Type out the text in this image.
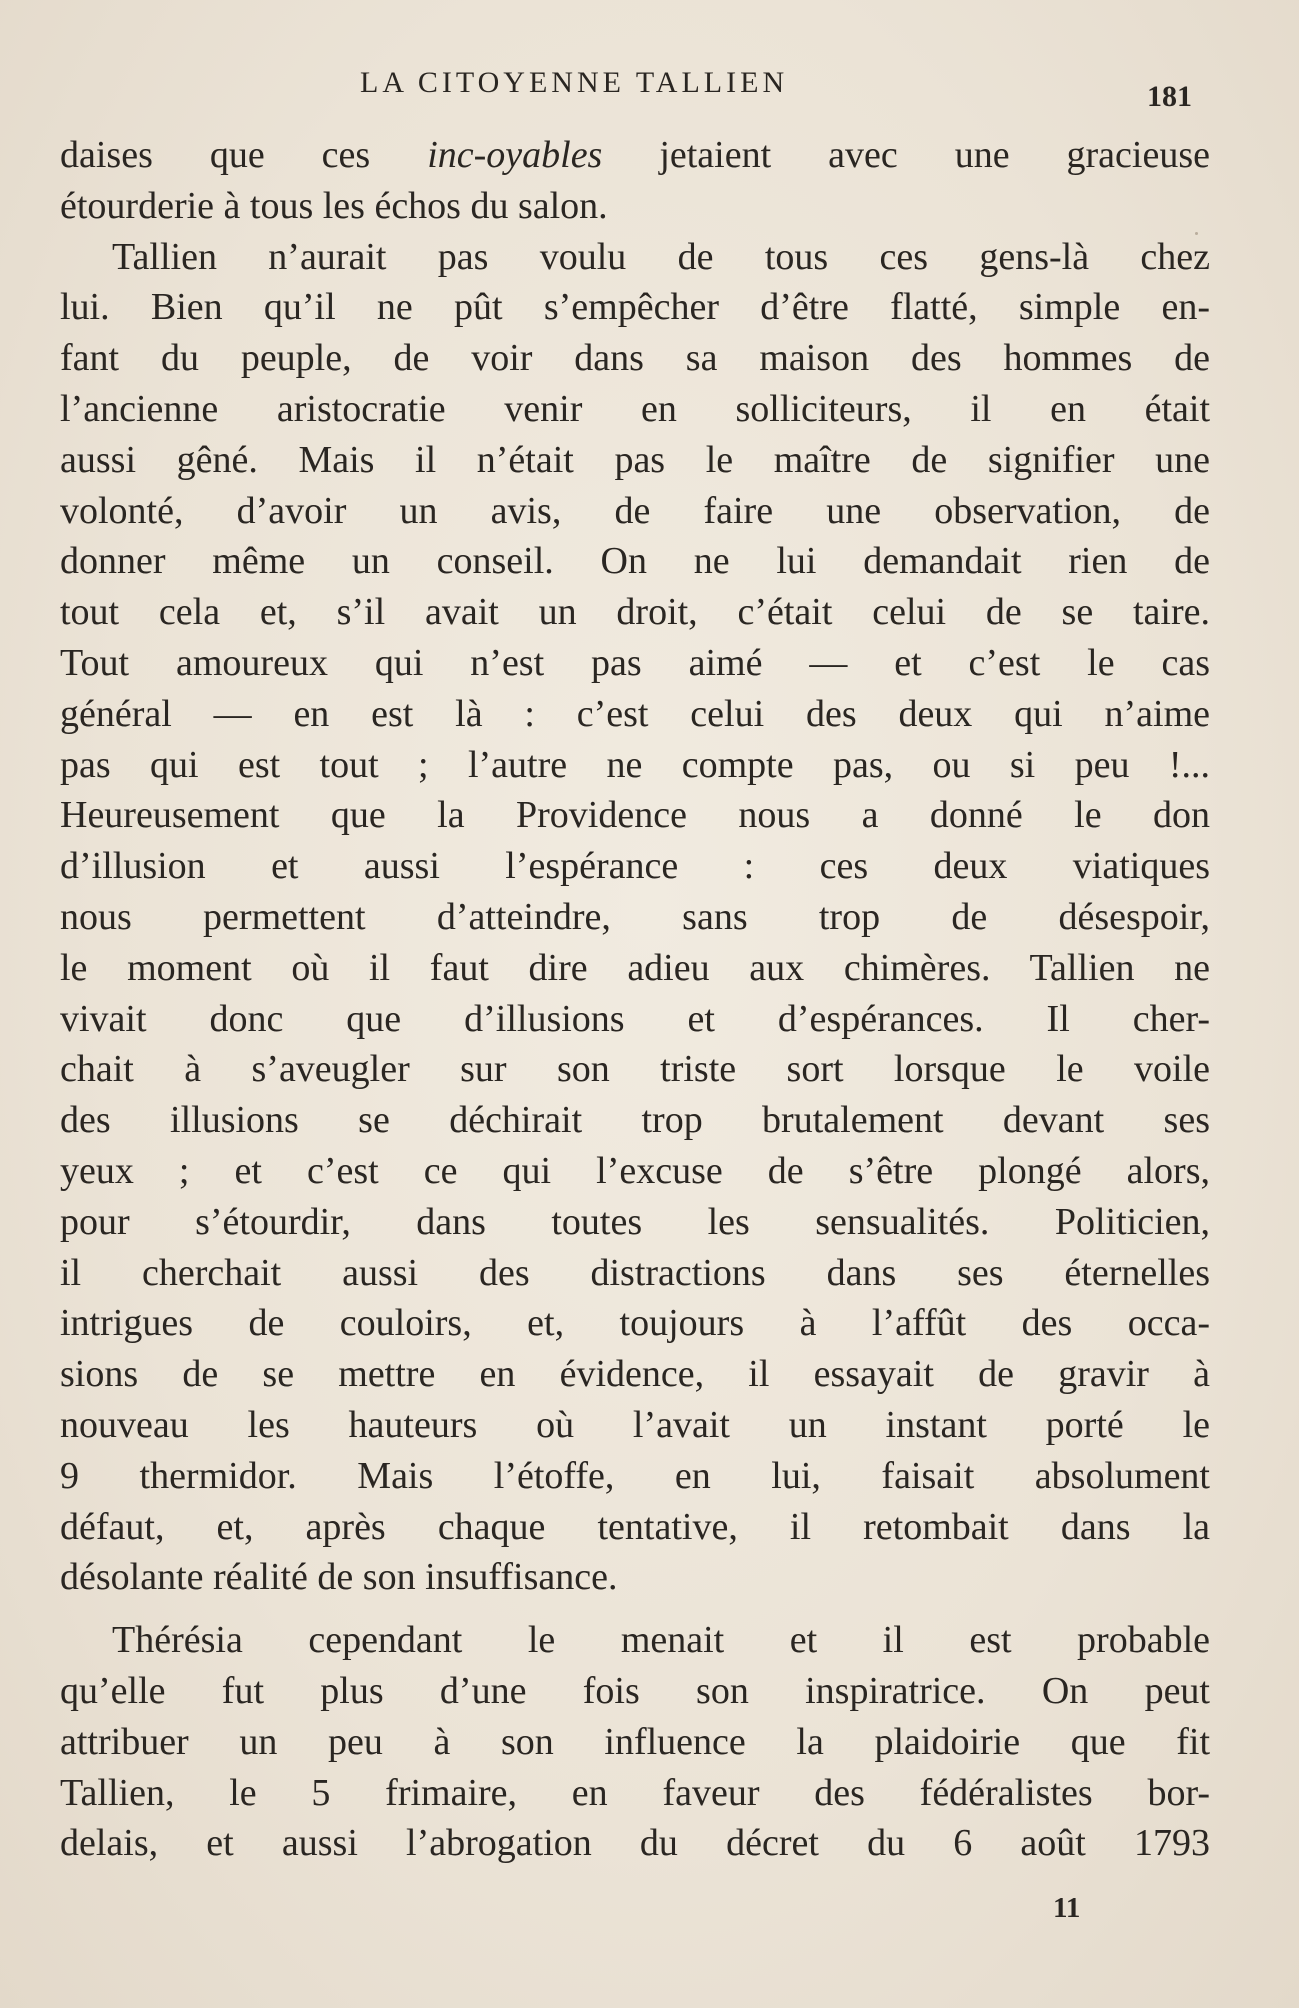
LA CITOYENNE TALLIEN	181
daises que ces inc-oyables jetaient avec une gracieuse
étourderie à tous les échos du salon.
Tallien n’aurait pas voulu de tous ces gens-là chez
lui. Bien qu’il ne pût s’empêcher d’être flatté, simple en-
fant du peuple, de voir dans sa maison des hommes de
l’ancienne aristocratie venir en solliciteurs, il en était
aussi gêné. Mais il n’était pas le maître de signifier une
volonté, d’avoir un avis, de faire une observation, de
donner même un conseil. On ne lui demandait rien de
tout cela et, s’il avait un droit, c’était celui de se taire.
Tout amoureux qui n’est pas aimé — et c’est le cas
général — en est là : c’est celui des deux qui n’aime
pas qui est tout ; l’autre ne compte pas, ou si peu !...
Heureusement que la Providence nous a donné le don
d’illusion et aussi l’espérance : ces deux viatiques
nous permettent d’atteindre, sans trop de désespoir,
le moment où il faut dire adieu aux chimères. Tallien ne
vivait donc que d’illusions et d’espérances. Il cher-
chait à s’aveugler sur son triste sort lorsque le voile
des illusions se déchirait trop brutalement devant ses
yeux ; et c’est ce qui l’excuse de s’être plongé alors,
pour s’étourdir, dans toutes les sensualités. Politicien,
il cherchait aussi des distractions dans ses éternelles
intrigues de couloirs, et, toujours à l’affût des occa-
sions de se mettre en évidence, il essayait de gravir à
nouveau les hauteurs où l’avait un instant porté le
9 thermidor. Mais l’étoffe, en lui, faisait absolument
défaut, et, après chaque tentative, il retombait dans la
désolante réalité de son insuffisance.
Thérésia cependant le menait et il est probable
qu’elle fut plus d’une fois son inspiratrice. On peut
attribuer un peu à son influence la plaidoirie que fit
Tallien, le 5 frimaire, en faveur des fédéralistes bor-
delais, et aussi l’abrogation du décret du 6 août 1793
11
